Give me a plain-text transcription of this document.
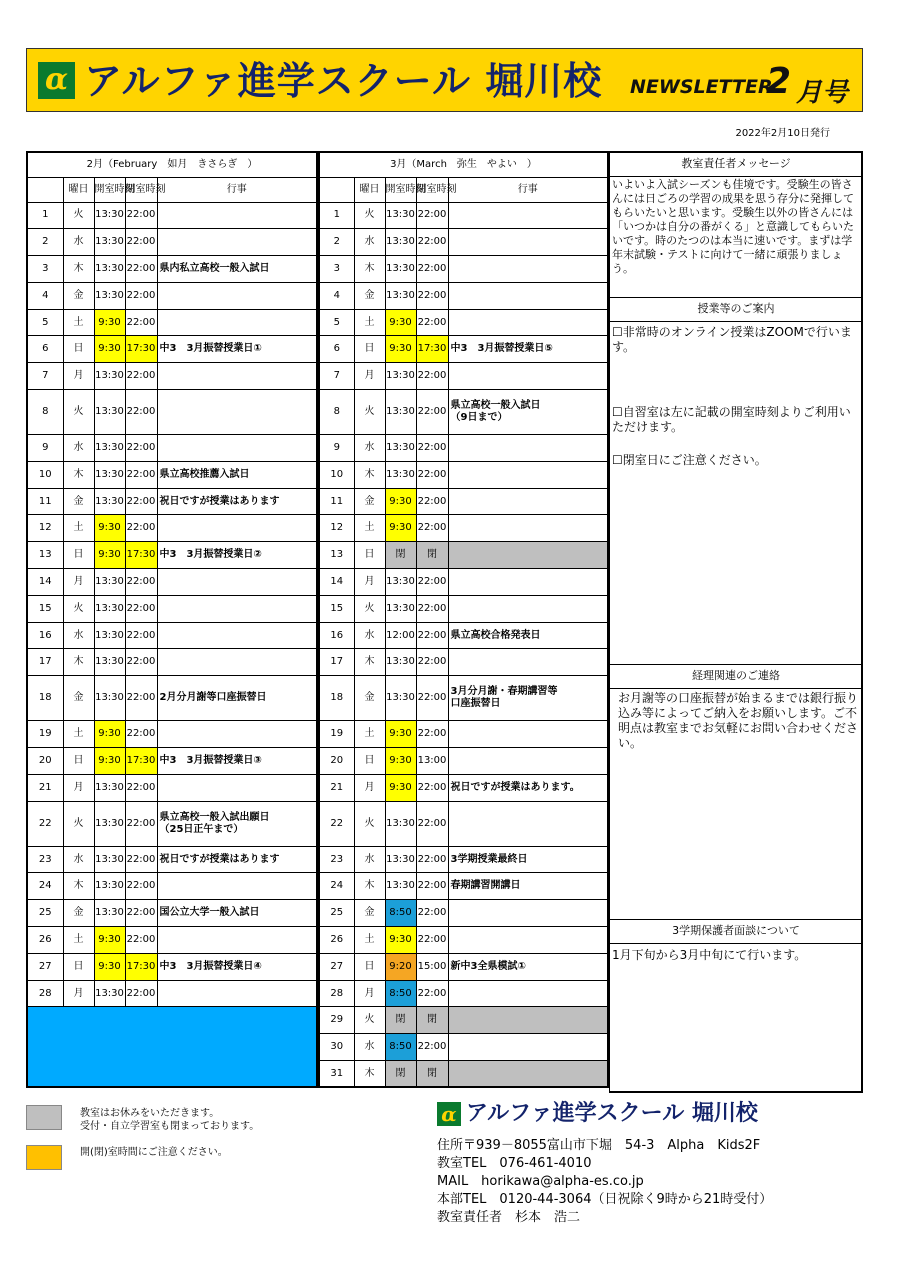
α アルファ進学スクール 堀川校 NEWSLETTER
2 月号
2022年2月10日発行
2月（February　如月　きさらぎ　）				
	曜日	開室時刻	閉室時刻	行事
1	火	13:30	22:00	
2	水	13:30	22:00	
3	木	13:30	22:00	県内私立高校一般入試日
4	金	13:30	22:00	
5	土	9:30	22:00	
6	日	9:30	17:30	中3　3月振替授業日①
7	月	13:30	22:00	
8	火	13:30	22:00	
9	水	13:30	22:00	
10	木	13:30	22:00	県立高校推薦入試日
11	金	13:30	22:00	祝日ですが授業はあります
12	土	9:30	22:00	
13	日	9:30	17:30	中3　3月振替授業日②
14	月	13:30	22:00	
15	火	13:30	22:00	
16	水	13:30	22:00	
17	木	13:30	22:00	
18	金	13:30	22:00	2月分月謝等口座振替日
19	土	9:30	22:00	
20	日	9:30	17:30	中3　3月振替授業日③
21	月	13:30	22:00	
22	火	13:30	22:00	県立高校一般入試出願日
（25日正午まで）
23	水	13:30	22:00	祝日ですが授業はあります
24	木	13:30	22:00	
25	金	13:30	22:00	国公立大学一般入試日
26	土	9:30	22:00	
27	日	9:30	17:30	中3　3月振替授業日④
28	月	13:30	22:00	

3月（March　弥生　やよい　）				
	曜日	開室時刻	閉室時刻	行事
1	火	13:30	22:00	
2	水	13:30	22:00	
3	木	13:30	22:00	
4	金	13:30	22:00	
5	土	9:30	22:00	
6	日	9:30	17:30	中3　3月振替授業日⑤
7	月	13:30	22:00	
8	火	13:30	22:00	県立高校一般入試日
（9日まで）
9	水	13:30	22:00	
10	木	13:30	22:00	
11	金	9:30	22:00	
12	土	9:30	22:00	
13	日	閉	閉	
14	月	13:30	22:00	
15	火	13:30	22:00	
16	水	12:00	22:00	県立高校合格発表日
17	木	13:30	22:00	
18	金	13:30	22:00	3月分月謝・春期講習等
口座振替日
19	土	9:30	22:00	
20	日	9:30	13:00	
21	月	9:30	22:00	祝日ですが授業はあります。
22	火	13:30	22:00	
23	水	13:30	22:00	3学期授業最終日
24	木	13:30	22:00	春期講習開講日
25	金	8:50	22:00	
26	土	9:30	22:00	
27	日	9:20	15:00	新中3全県模試①
28	月	8:50	22:00	
29	火	閉	閉	
30	水	8:50	22:00	
31	木	閉	閉	
教室責任者メッセージ
いよいよ入試シーズンも佳境です。受験生の皆さんには日ごろの学習の成果を思う存分に発揮してもらいたいと思います。受験生以外の皆さんには「いつかは自分の番がくる」と意識してもらいたいです。時のたつのは本当に速いです。まずは学年末試験・テストに向けて一緒に頑張りましょう。
授業等のご案内
☐非常時のオンライン授業はZOOMで行います。
☐自習室は左に記載の開室時刻よりご利用いただけます。
☐閉室日にご注意ください。
経理関連のご連絡
お月謝等の口座振替が始まるまでは銀行振り込み等によってご納入をお願いします。ご不明点は教室までお気軽にお問い合わせください。
3学期保護者面談について
1月下旬から3月中旬にて行います。
教室はお休みをいただきます。
受付・自立学習室も閉まっております。
開(閉)室時間にご注意ください。
α アルファ進学スクール 堀川校
住所〒939－8055富山市下堀　54-3　Alpha　Kids2F
教室TEL　076-461-4010
MAIL　horikawa@alpha-es.co.jp
本部TEL　0120-44-3064（日祝除く9時から21時受付）
教室責任者　杉本　浩二
